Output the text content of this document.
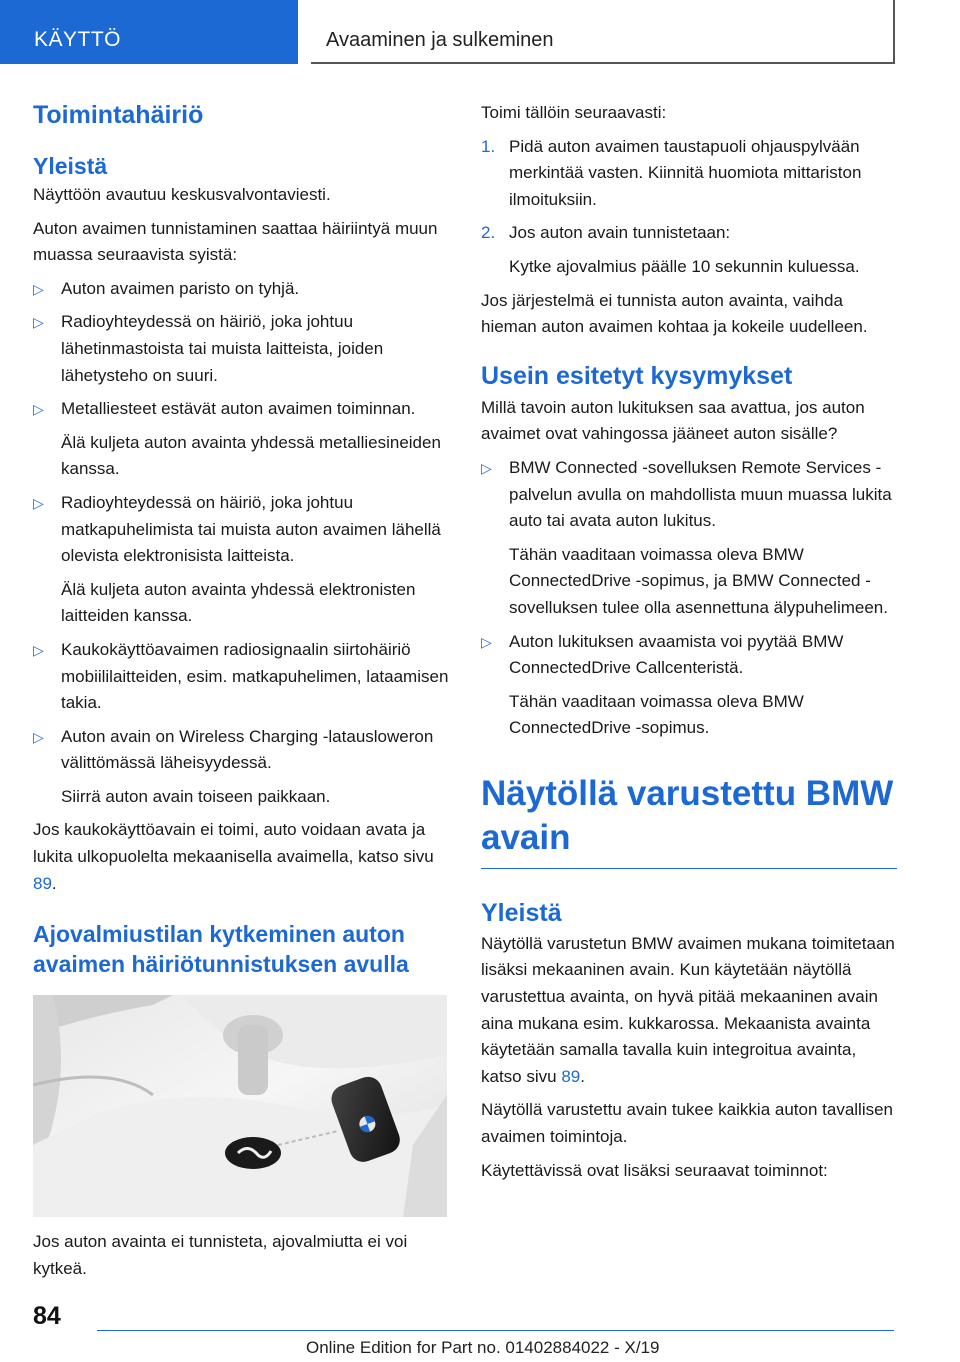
KÄYTTÖ	Avaaminen ja sulkeminen
Toimintahäiriö
Yleistä

Näyttöön avautuu keskusvalvontaviesti.

Auton avaimen tunnistaminen saattaa häiriintyä muun muassa seuraavista syistä:

▷ Auton avaimen paristo on tyhjä.
▷ Radioyhteydessä on häiriö, joka johtuu lähetinmastoista tai muista laitteista, joiden lähetysteho on suuri.
▷ Metalliesteet estävät auton avaimen toiminnan.
Älä kuljeta auton avainta yhdessä metalliesineiden kanssa.
▷ Radioyhteydessä on häiriö, joka johtuu matkapuhelimista tai muista auton avaimen lähellä olevista elektronisista laitteista.
Älä kuljeta auton avainta yhdessä elektronisten laitteiden kanssa.
▷ Kaukokäyttöavaimen radiosignaalin siirtohäiriö mobiililaitteiden, esim. matkapuhelimen, lataamisen takia.
▷ Auton avain on Wireless Charging -latausloweron välittömässä läheisyydessä.
Siirrä auton avain toiseen paikkaan.

Jos kaukokäyttöavain ei toimi, auto voidaan avata ja lukita ulkopuolelta mekaanisella avaimella, katso sivu 89.

Ajovalmiustilan kytkeminen auton avaimen häiriötunnistuksen avulla

Jos auton avainta ei tunnisteta, ajovalmiutta ei voi kytkeä.

Toimi tällöin seuraavasti:

1. Pidä auton avaimen taustapuoli ohjauspylvään merkintää vasten. Kiinnitä huomiota mittariston ilmoituksiin.
2. Jos auton avain tunnistetaan:
Kytke ajovalmius päälle 10 sekunnin kuluessa.

Jos järjestelmä ei tunnista auton avainta, vaihda hieman auton avaimen kohtaa ja kokeile uudelleen.

Usein esitetyt kysymykset

Millä tavoin auton lukituksen saa avattua, jos auton avaimet ovat vahingossa jääneet auton sisälle?

▷ BMW Connected -sovelluksen Remote Services -palvelun avulla on mahdollista muun muassa lukita auto tai avata auton lukitus.
Tähän vaaditaan voimassa oleva BMW ConnectedDrive -sopimus, ja BMW Connected -sovelluksen tulee olla asennettuna älypuhelimeen.
▷ Auton lukituksen avaamista voi pyytää BMW ConnectedDrive Callcenteristä.
Tähän vaaditaan voimassa oleva BMW ConnectedDrive -sopimus.
Näytöllä varustettu BMW avain
Yleistä

Näytöllä varustetun BMW avaimen mukana toimitetaan lisäksi mekaaninen avain. Kun käytetään näytöllä varustettua avainta, on hyvä pitää mekaaninen avain aina mukana esim. kukkarossa. Mekaanista avainta käytetään samalla tavalla kuin integroitua avainta, katso sivu 89.

Näytöllä varustettu avain tukee kaikkia auton tavallisen avaimen toimintoja.

Käytettävissä ovat lisäksi seuraavat toiminnot:

84
Online Edition for Part no. 01402884022 - X/19
